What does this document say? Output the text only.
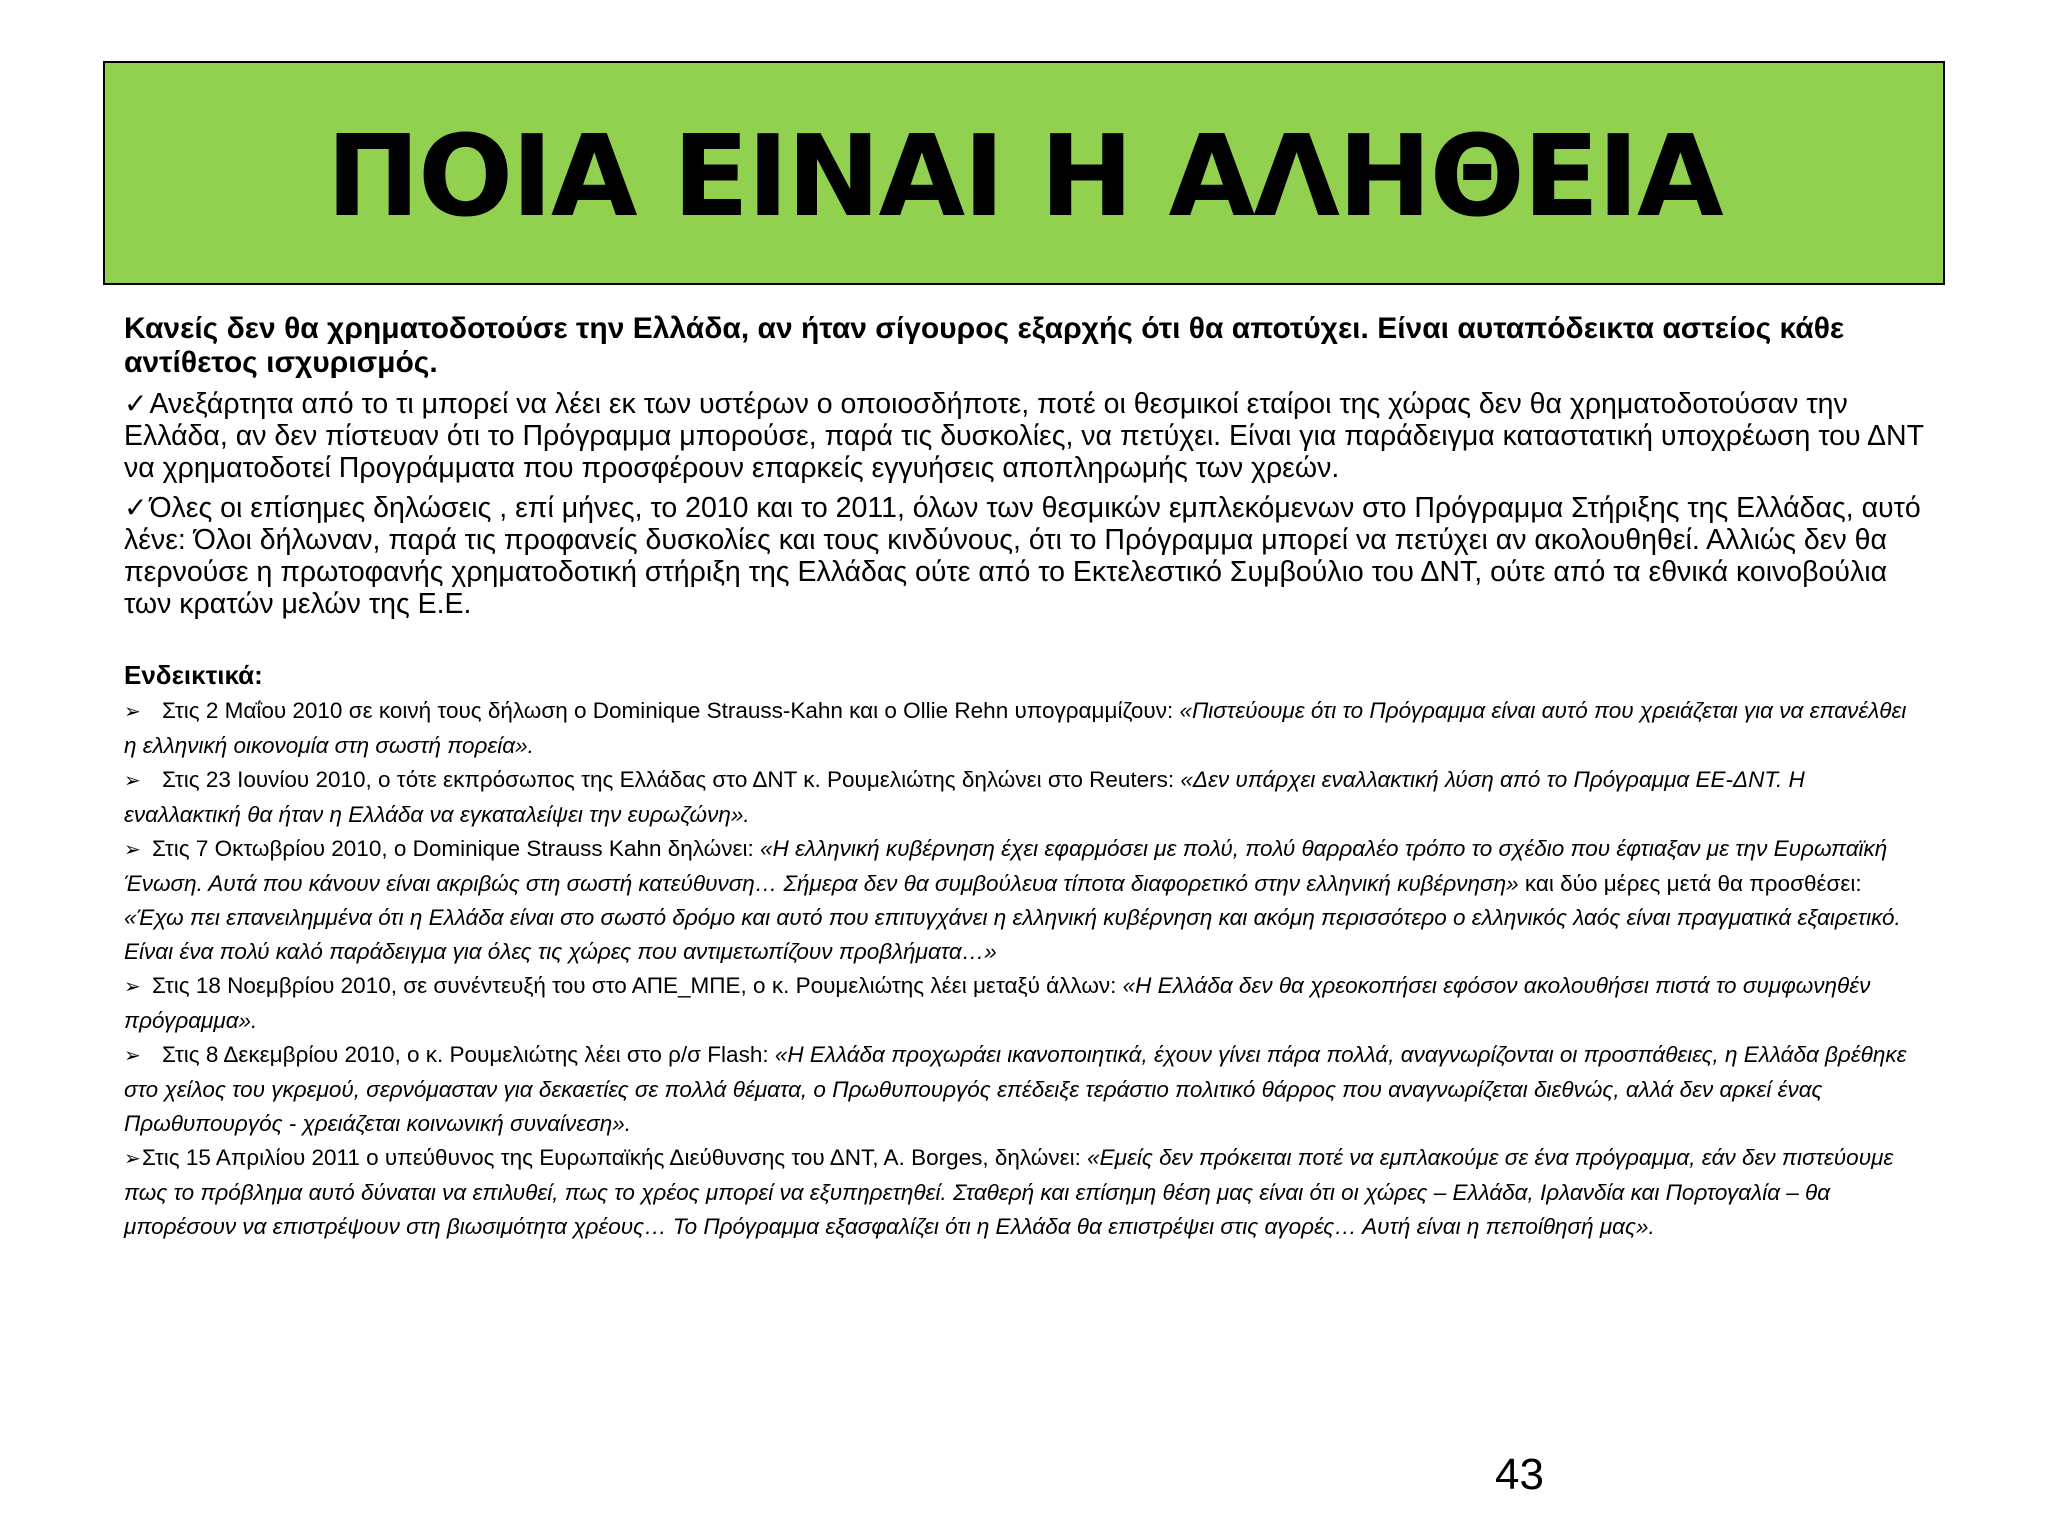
ΠΟΙΑ ΕΙΝΑΙ Η ΑΛΗΘΕΙΑ

Κανείς δεν θα χρηματοδοτούσε την Ελλάδα, αν ήταν σίγουρος εξαρχής ότι θα αποτύχει. Είναι αυταπόδεικτα αστείος κάθε αντίθετος ισχυρισμός.

✓Ανεξάρτητα από το τι μπορεί να λέει εκ των υστέρων ο οποιοσδήποτε, ποτέ οι θεσμικοί εταίροι της χώρας δεν θα χρηματοδοτούσαν την Ελλάδα, αν δεν πίστευαν ότι το Πρόγραμμα μπορούσε, παρά τις δυσκολίες, να πετύχει. Είναι για παράδειγμα καταστατική υποχρέωση του ΔΝΤ να χρηματοδοτεί Προγράμματα που προσφέρουν επαρκείς εγγυήσεις αποπληρωμής των χρεών.

✓Όλες οι επίσημες δηλώσεις , επί μήνες, το 2010 και το 2011, όλων των θεσμικών εμπλεκόμενων στο Πρόγραμμα Στήριξης της Ελλάδας, αυτό λένε: Όλοι δήλωναν, παρά τις προφανείς δυσκολίες και τους κινδύνους, ότι το Πρόγραμμα μπορεί να πετύχει αν ακολουθηθεί. Αλλιώς δεν θα περνούσε η πρωτοφανής χρηματοδοτική στήριξη της Ελλάδας ούτε από το Εκτελεστικό Συμβούλιο του ΔΝΤ, ούτε από τα εθνικά κοινοβούλια των κρατών μελών της Ε.Ε.

Ενδεικτικά:

➢ Στις 2 Μαΐου 2010 σε κοινή τους δήλωση ο Dominique Strauss-Kahn και ο Ollie Rehn υπογραμμίζουν: «Πιστεύουμε ότι το Πρόγραμμα είναι αυτό που χρειάζεται για να επανέλθει η ελληνική οικονομία στη σωστή πορεία».

➢ Στις 23 Ιουνίου 2010, ο τότε εκπρόσωπος της Ελλάδας στο ΔΝΤ κ. Ρουμελιώτης δηλώνει στο Reuters: «Δεν υπάρχει εναλλακτική λύση από το Πρόγραμμα ΕΕ-ΔΝΤ. Η εναλλακτική θα ήταν η Ελλάδα να εγκαταλείψει την ευρωζώνη».

➢ Στις 7 Οκτωβρίου 2010, ο Dominique Strauss Kahn δηλώνει: «Η ελληνική κυβέρνηση έχει εφαρμόσει με πολύ, πολύ θαρραλέο τρόπο το σχέδιο που έφτιαξαν με την Ευρωπαϊκή Ένωση. Αυτά που κάνουν είναι ακριβώς στη σωστή κατεύθυνση… Σήμερα δεν θα συμβούλευα τίποτα διαφορετικό στην ελληνική κυβέρνηση» και δύο μέρες μετά θα προσθέσει: «Έχω πει επανειλημμένα ότι η Ελλάδα είναι στο σωστό δρόμο και αυτό που επιτυγχάνει η ελληνική κυβέρνηση και ακόμη περισσότερο ο ελληνικός λαός είναι πραγματικά εξαιρετικό. Είναι ένα πολύ καλό παράδειγμα για όλες τις χώρες που αντιμετωπίζουν προβλήματα…»

➢ Στις 18 Νοεμβρίου 2010, σε συνέντευξή του στο ΑΠΕ_ΜΠΕ, ο κ. Ρουμελιώτης λέει μεταξύ άλλων: «Η Ελλάδα δεν θα χρεοκοπήσει εφόσον ακολουθήσει πιστά το συμφωνηθέν πρόγραμμα».

➢ Στις 8 Δεκεμβρίου 2010, ο κ. Ρουμελιώτης λέει στο ρ/σ Flash: «Η Ελλάδα προχωράει ικανοποιητικά, έχουν γίνει πάρα πολλά, αναγνωρίζονται οι προσπάθειες, η Ελλάδα βρέθηκε στο χείλος του γκρεμού, σερνόμασταν για δεκαετίες σε πολλά θέματα, ο Πρωθυπουργός επέδειξε τεράστιο πολιτικό θάρρος που αναγνωρίζεται διεθνώς, αλλά δεν αρκεί ένας Πρωθυπουργός - χρειάζεται κοινωνική συναίνεση».

➢Στις 15 Απριλίου 2011 ο υπεύθυνος της Ευρωπαϊκής Διεύθυνσης του ΔΝΤ, Α. Borges, δηλώνει: «Εμείς δεν πρόκειται ποτέ να εμπλακούμε σε ένα πρόγραμμα, εάν δεν πιστεύουμε πως το πρόβλημα αυτό δύναται να επιλυθεί, πως το χρέος μπορεί να εξυπηρετηθεί. Σταθερή και επίσημη θέση μας είναι ότι οι χώρες – Ελλάδα, Ιρλανδία και Πορτογαλία – θα μπορέσουν να επιστρέψουν στη βιωσιμότητα χρέους… Το Πρόγραμμα εξασφαλίζει ότι η Ελλάδα θα επιστρέψει στις αγορές… Αυτή είναι η πεποίθησή μας».

43
